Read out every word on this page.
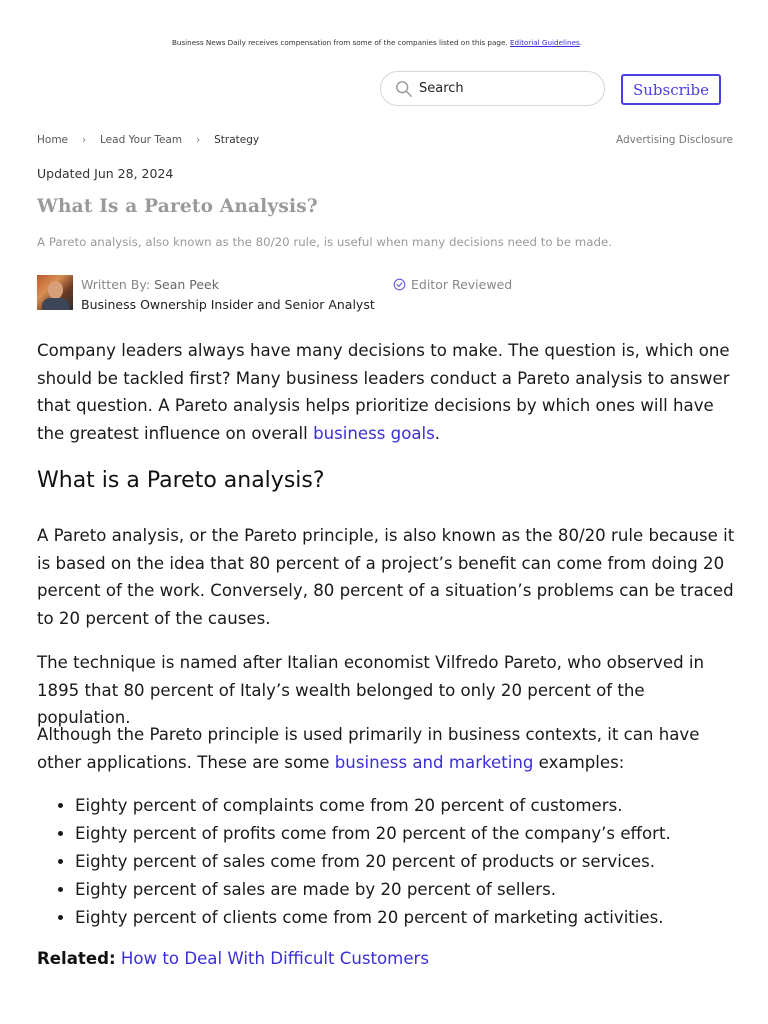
Business News Daily receives compensation from some of the companies listed on this page. Editorial Guidelines.
Search
Subscribe
Home › Lead Your Team › Strategy	Advertising Disclosure
Updated Jun 28, 2024
What Is a Pareto Analysis?
A Pareto analysis, also known as the 80/20 rule, is useful when many decisions need to be made.
Written By: Sean Peek
Business Ownership Insider and Senior Analyst
Editor Reviewed

Company leaders always have many decisions to make. The question is, which one should be tackled first? Many business leaders conduct a Pareto analysis to answer that question. A Pareto analysis helps prioritize decisions by which ones will have the greatest influence on overall business goals.

What is a Pareto analysis?

A Pareto analysis, or the Pareto principle, is also known as the 80/20 rule because it is based on the idea that 80 percent of a project’s benefit can come from doing 20 percent of the work. Conversely, 80 percent of a situation’s problems can be traced to 20 percent of the causes.

The technique is named after Italian economist Vilfredo Pareto, who observed in 1895 that 80 percent of Italy’s wealth belonged to only 20 percent of the population.

Although the Pareto principle is used primarily in business contexts, it can have other applications. These are some business and marketing examples:

• Eighty percent of complaints come from 20 percent of customers.
• Eighty percent of profits come from 20 percent of the company’s effort.
• Eighty percent of sales come from 20 percent of products or services.
• Eighty percent of sales are made by 20 percent of sellers.
• Eighty percent of clients come from 20 percent of marketing activities.
Related: How to Deal With Difficult Customers
